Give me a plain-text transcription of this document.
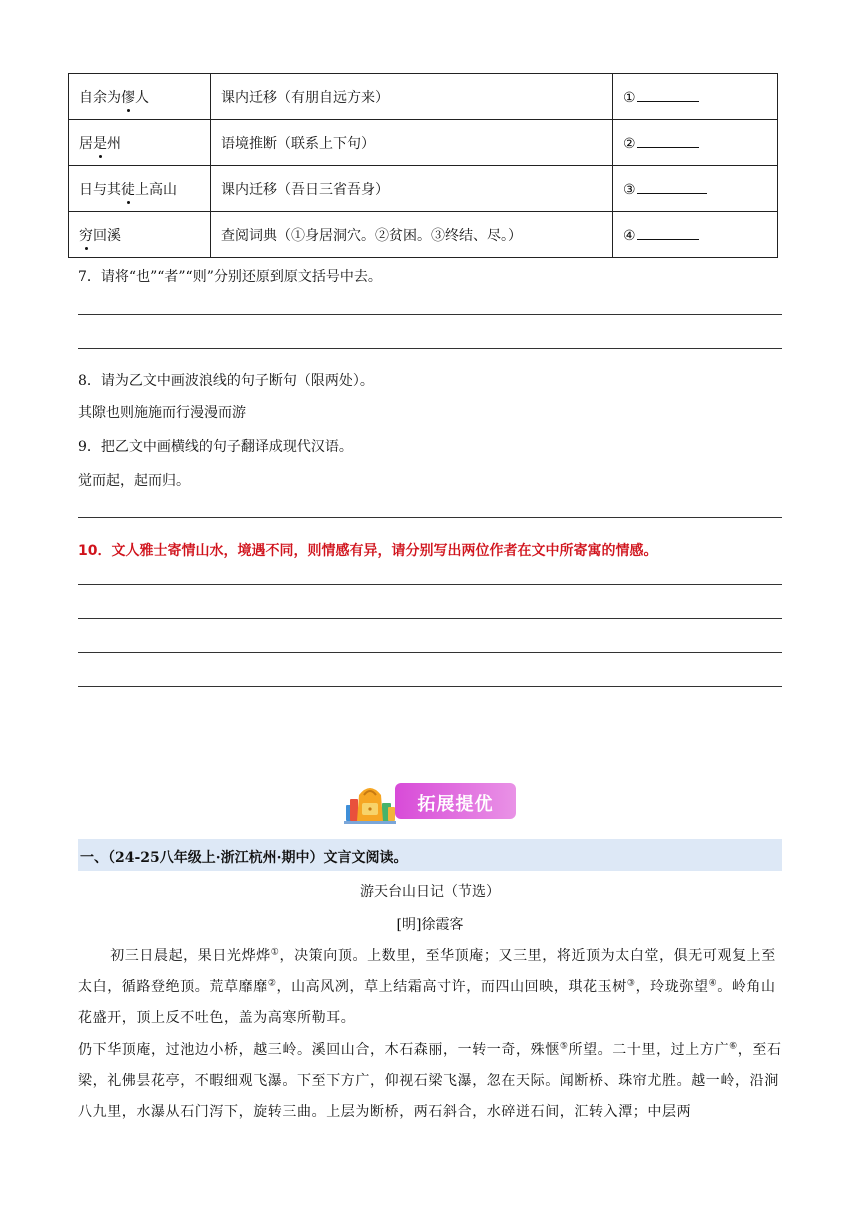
自余为僇人	课内迁移（有朋自远方来）	①
居是州	语境推断（联系上下句）	②
日与其徒上高山	课内迁移（吾日三省吾身）	③
穷回溪	查阅词典（①身居洞穴。②贫困。③终结、尽。）	④
7．请将“也”“者”“则”分别还原到原文括号中去。
8．请为乙文中画波浪线的句子断句（限两处）。
其隙也则施施而行漫漫而游
9．把乙文中画横线的句子翻译成现代汉语。
觉而起，起而归。
10．文人雅士寄情山水，境遇不同，则情感有异，请分别写出两位作者在文中所寄寓的情感。
拓展提优
一、（24-25八年级上·浙江杭州·期中）文言文阅读。
游天台山日记（节选）
[明]徐霞客
初三日晨起，果日光烨烨①，决策向顶。上数里，至华顶庵；又三里，将近顶为太白堂，俱无可观复上至太白，循路登绝顶。荒草靡靡②，山高风冽，草上结霜高寸许，而四山回映，琪花玉树③，玲珑弥望④。岭角山花盛开，顶上反不吐色，盖为高寒所勒耳。
仍下华顶庵，过池边小桥，越三岭。溪回山合，木石森丽，一转一奇，殊惬⑤所望。二十里，过上方广⑥，至石梁，礼佛昙花亭，不暇细观飞瀑。下至下方广，仰视石梁飞瀑，忽在天际。闻断桥、珠帘尤胜。越一岭，沿涧八九里，水瀑从石门泻下，旋转三曲。上层为断桥，两石斜合，水碎迸石间，汇转入潭；中层两
